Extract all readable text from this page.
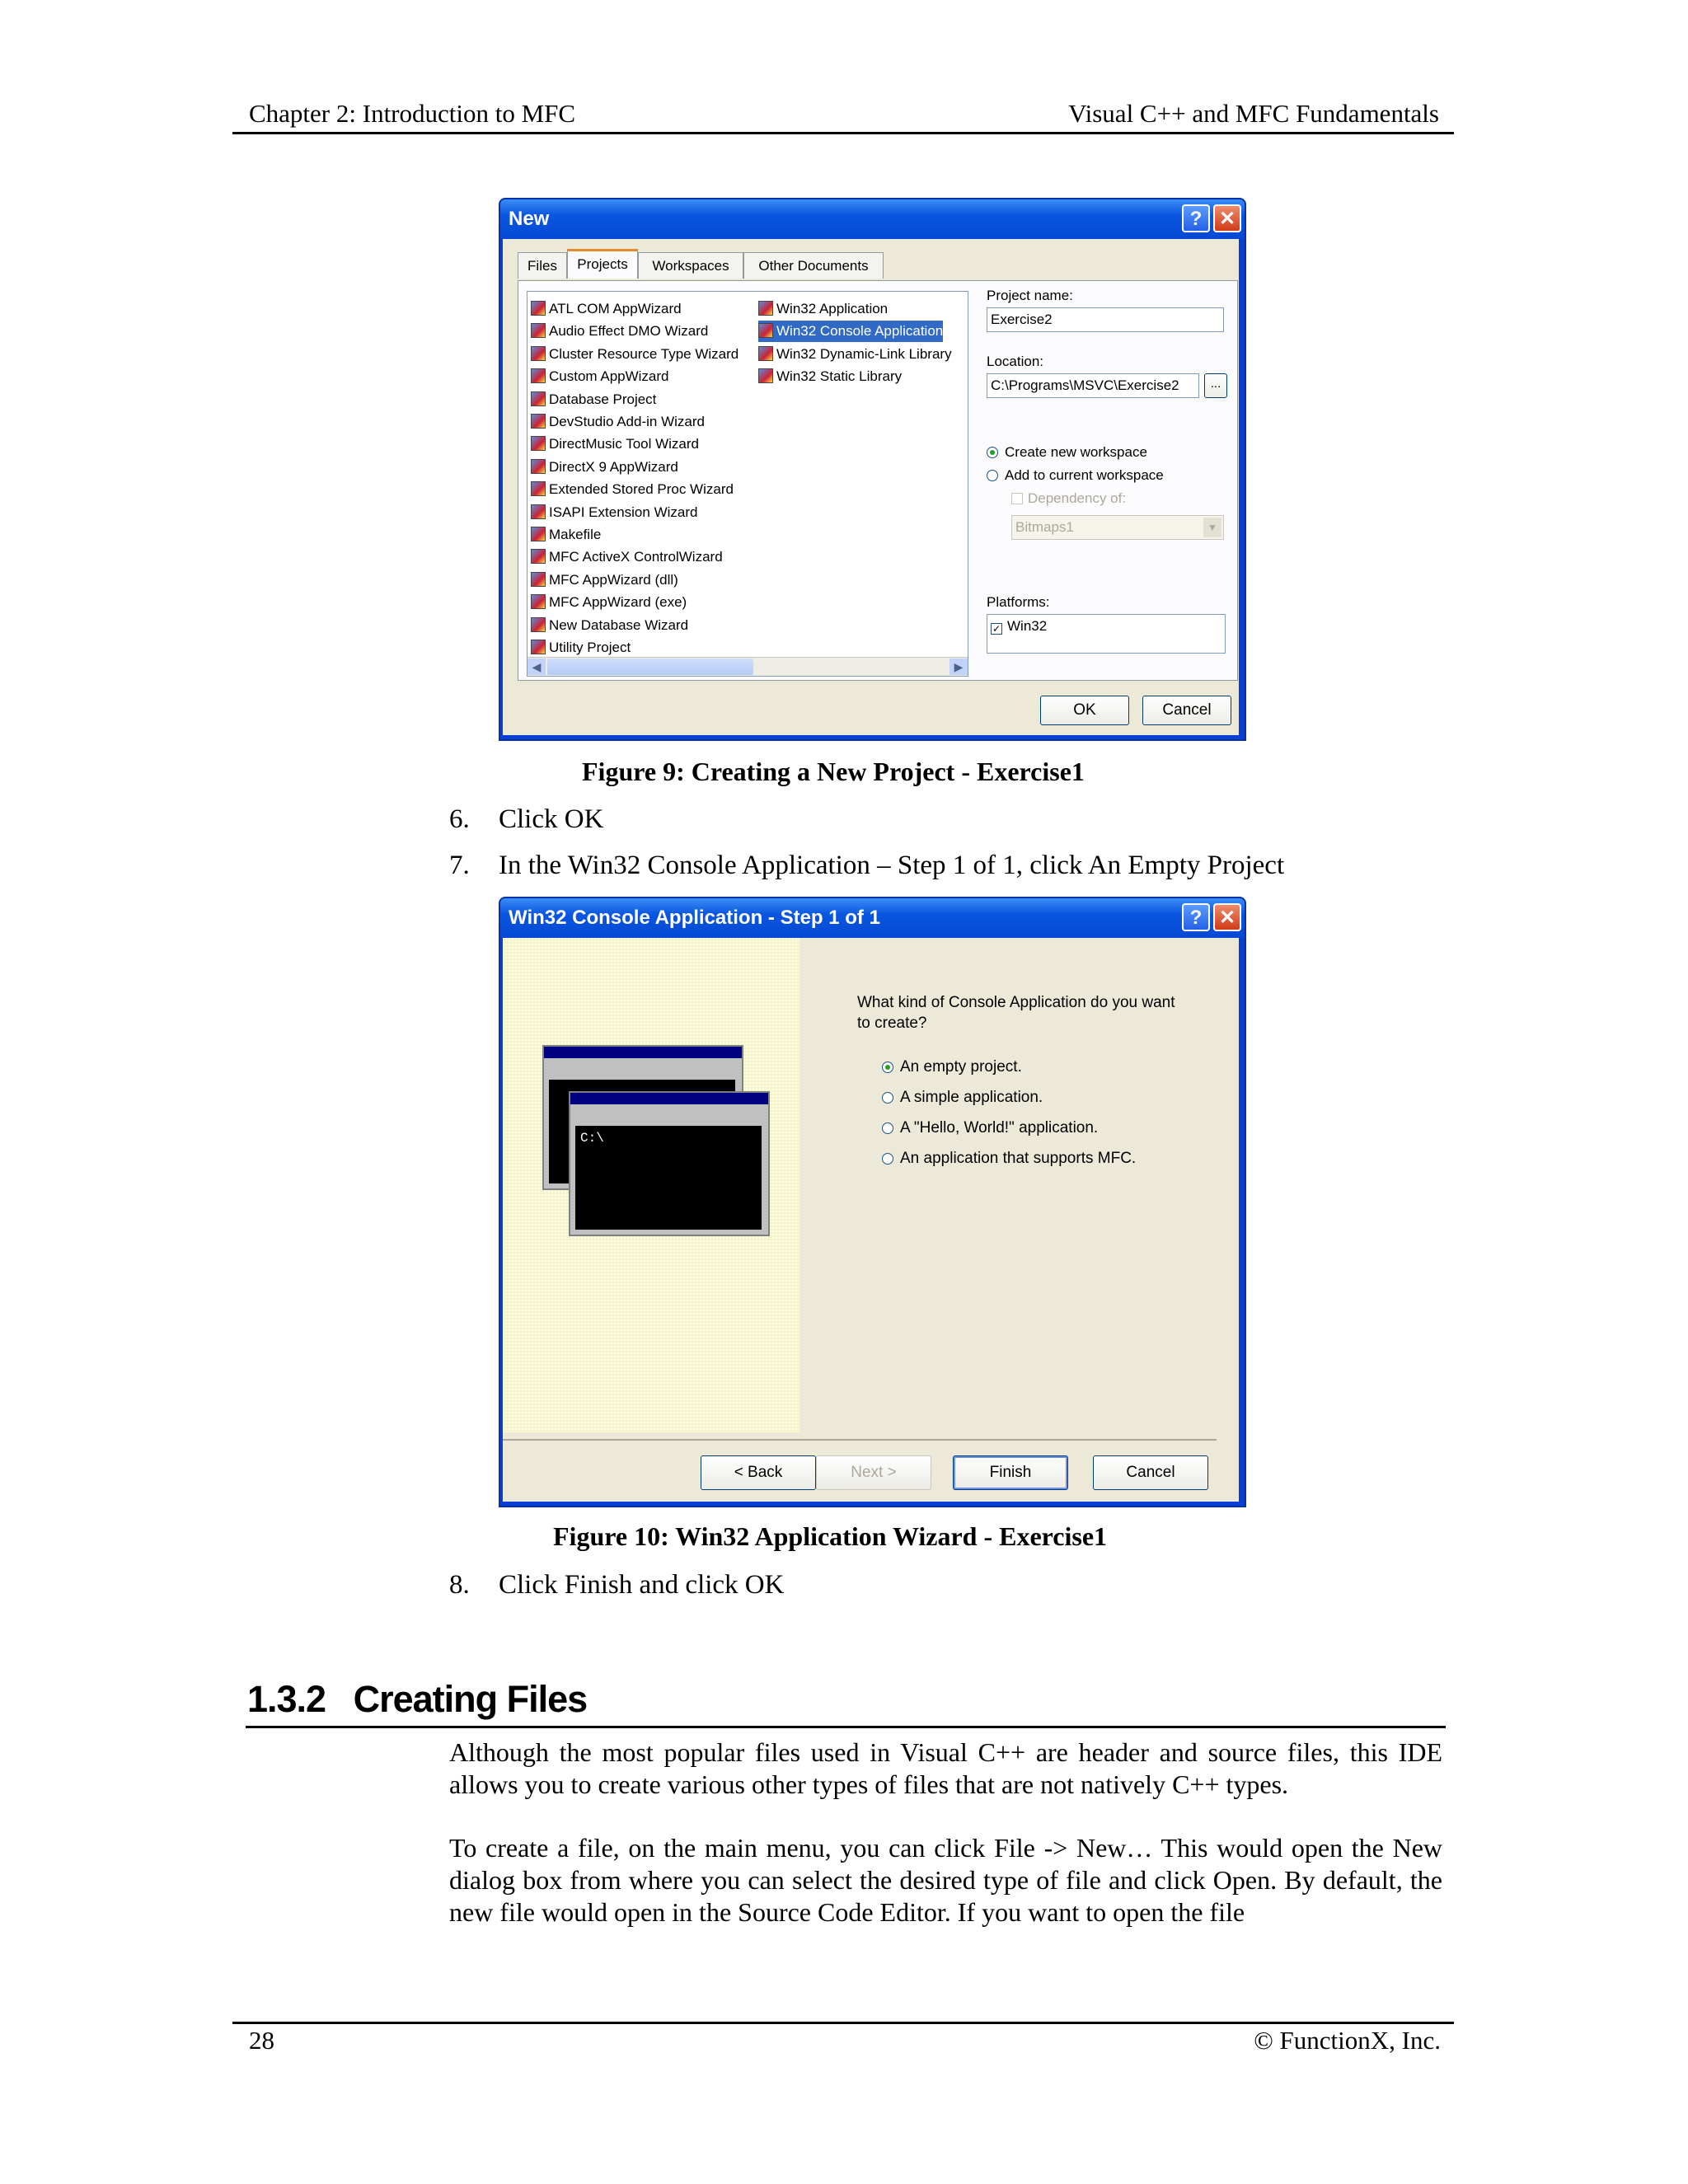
Chapter 2: Introduction to MFC	Visual C++ and MFC Fundamentals
New	? ✕
Files	Projects	Workspaces	Other Documents
ATL COM AppWizard
Audio Effect DMO Wizard
Cluster Resource Type Wizard
Custom AppWizard
Database Project
DevStudio Add-in Wizard
DirectMusic Tool Wizard
DirectX 9 AppWizard
Extended Stored Proc Wizard
ISAPI Extension Wizard
Makefile
MFC ActiveX ControlWizard
MFC AppWizard (dll)
MFC AppWizard (exe)
New Database Wizard
Utility Project
Win32 Application
Win32 Console Application
Win32 Dynamic-Link Library
Win32 Static Library
◀	▶
Project name:
Exercise2
Location:
C:\Programs\MSVC\Exercise2	...
Create new workspace
Add to current workspace
Dependency of:
Bitmaps1	▼
Platforms:
✓ Win32
OK	Cancel
Figure 9: Creating a New Project - Exercise1
6. Click OK
7. In the Win32 Console Application – Step 1 of 1, click An Empty Project
Win32 Console Application - Step 1 of 1	? ✕
C:\
What kind of Console Application do you want to create?
An empty project.
A simple application.
A "Hello, World!" application.
An application that supports MFC.
< Back	Next >	Finish	Cancel
Figure 10: Win32 Application Wizard - Exercise1
8. Click Finish and click OK
1.3.2 Creating Files
Although the most popular files used in Visual C++ are header and source files, this IDE allows you to create various other types of files that are not natively C++ types.
To create a file, on the main menu, you can click File -> New… This would open the New dialog box from where you can select the desired type of file and click Open. By default, the new file would open in the Source Code Editor. If you want to open the file
28	© FunctionX, Inc.
